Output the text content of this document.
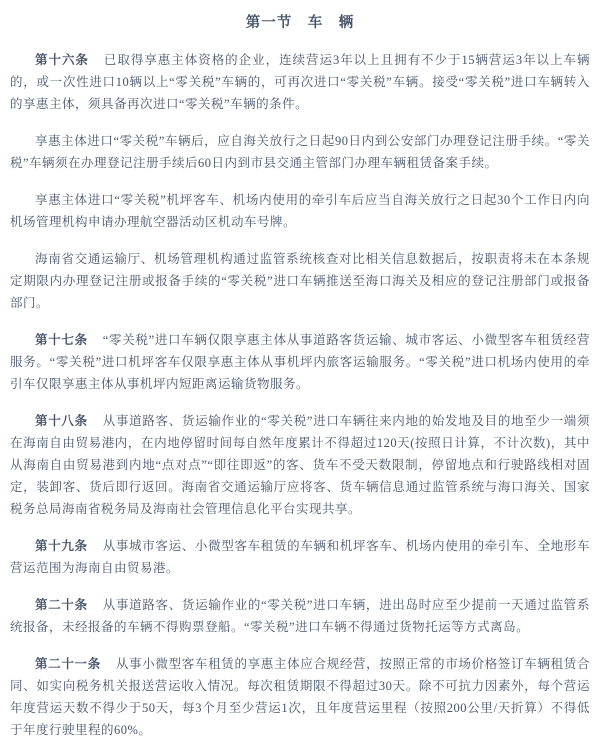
第一节　车　辆

第十六条 已取得享惠主体资格的企业，连续营运3年以上且拥有不少于15辆营运3年以上车辆的，或一次性进口10辆以上“零关税”车辆的，可再次进口“零关税”车辆。接受“零关税”进口车辆转入的享惠主体，须具备再次进口“零关税”车辆的条件。

享惠主体进口“零关税”车辆后，应自海关放行之日起90日内到公安部门办理登记注册手续。“零关税”车辆须在办理登记注册手续后60日内到市县交通主管部门办理车辆租赁备案手续。

享惠主体进口“零关税”机坪客车、机场内使用的牵引车后应当自海关放行之日起30个工作日内向机场管理机构申请办理航空器活动区机动车号牌。

海南省交通运输厅、机场管理机构通过监管系统核查对比相关信息数据后，按职责将未在本条规定期限内办理登记注册或报备手续的“零关税”进口车辆推送至海口海关及相应的登记注册部门或报备部门。

第十七条 “零关税”进口车辆仅限享惠主体从事道路客货运输、城市客运、小微型客车租赁经营服务。“零关税”进口机坪客车仅限享惠主体从事机坪内旅客运输服务。“零关税”进口机场内使用的牵引车仅限享惠主体从事机坪内短距离运输货物服务。

第十八条 从事道路客、货运输作业的“零关税”进口车辆往来内地的始发地及目的地至少一端须在海南自由贸易港内，在内地停留时间每自然年度累计不得超过120天(按照日计算，不计次数)，其中从海南自由贸易港到内地“点对点”“即往即返”的客、货车不受天数限制，停留地点和行驶路线相对固定，装卸客、货后即行返回。海南省交通运输厅应将客、货车辆信息通过监管系统与海口海关、国家税务总局海南省税务局及海南社会管理信息化平台实现共享。

第十九条 从事城市客运、小微型客车租赁的车辆和机坪客车、机场内使用的牵引车、全地形车营运范围为海南自由贸易港。

第二十条 从事道路客、货运输作业的“零关税”进口车辆，进出岛时应至少提前一天通过监管系统报备，未经报备的车辆不得购票登船。“零关税”进口车辆不得通过货物托运等方式离岛。

第二十一条 从事小微型客车租赁的享惠主体应合规经营，按照正常的市场价格签订车辆租赁合同、如实向税务机关报送营运收入情况。每次租赁期限不得超过30天。除不可抗力因素外，每个营运年度营运天数不得少于50天，每3个月至少营运1次，且年度营运里程（按照200公里/天折算）不得低于年度行驶里程的60%。
